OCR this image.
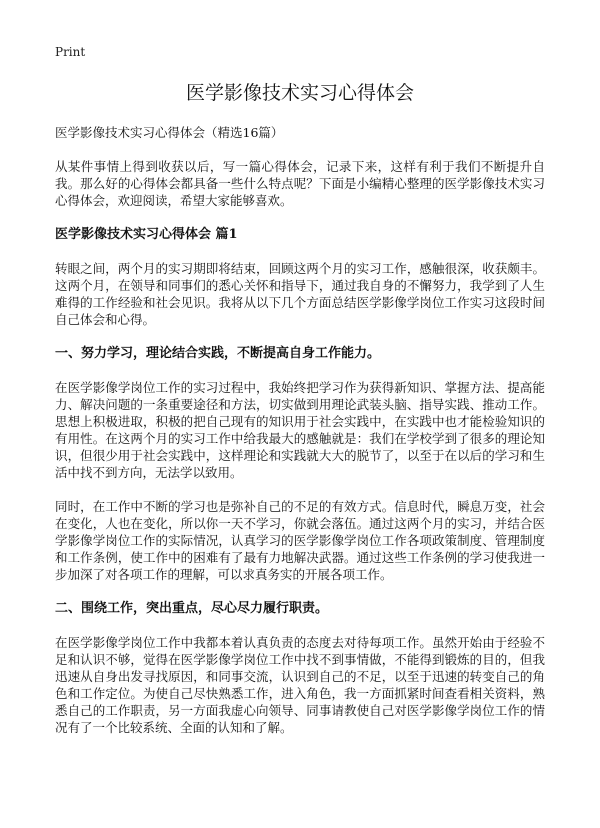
Print
医学影像技术实习心得体会
医学影像技术实习心得体会（精选16篇）

从某件事情上得到收获以后，写一篇心得体会，记录下来，这样有利于我们不断提升自我。那么好的心得体会都具备一些什么特点呢？下面是小编精心整理的医学影像技术实习心得体会，欢迎阅读，希望大家能够喜欢。

医学影像技术实习心得体会 篇1

转眼之间，两个月的实习期即将结束，回顾这两个月的实习工作，感触很深，收获颇丰。这两个月，在领导和同事们的悉心关怀和指导下，通过我自身的不懈努力，我学到了人生难得的工作经验和社会见识。我将从以下几个方面总结医学影像学岗位工作实习这段时间自己体会和心得。

一、努力学习，理论结合实践，不断提高自身工作能力。

在医学影像学岗位工作的实习过程中，我始终把学习作为获得新知识、掌握方法、提高能力、解决问题的一条重要途径和方法，切实做到用理论武装头脑、指导实践、推动工作。思想上积极进取，积极的把自己现有的知识用于社会实践中，在实践中也才能检验知识的有用性。在这两个月的实习工作中给我最大的感触就是：我们在学校学到了很多的理论知识，但很少用于社会实践中，这样理论和实践就大大的脱节了，以至于在以后的学习和生活中找不到方向，无法学以致用。

同时，在工作中不断的学习也是弥补自己的不足的有效方式。信息时代，瞬息万变，社会在变化，人也在变化，所以你一天不学习，你就会落伍。通过这两个月的实习，并结合医学影像学岗位工作的实际情况，认真学习的医学影像学岗位工作各项政策制度、管理制度和工作条例，使工作中的困难有了最有力地解决武器。通过这些工作条例的学习使我进一步加深了对各项工作的理解，可以求真务实的开展各项工作。

二、围绕工作，突出重点，尽心尽力履行职责。

在医学影像学岗位工作中我都本着认真负责的态度去对待每项工作。虽然开始由于经验不足和认识不够，觉得在医学影像学岗位工作中找不到事情做，不能得到锻炼的目的，但我迅速从自身出发寻找原因，和同事交流，认识到自己的不足，以至于迅速的转变自己的角色和工作定位。为使自己尽快熟悉工作，进入角色，我一方面抓紧时间查看相关资料，熟悉自己的工作职责，另一方面我虚心向领导、同事请教使自己对医学影像学岗位工作的情况有了一个比较系统、全面的认知和了解。
